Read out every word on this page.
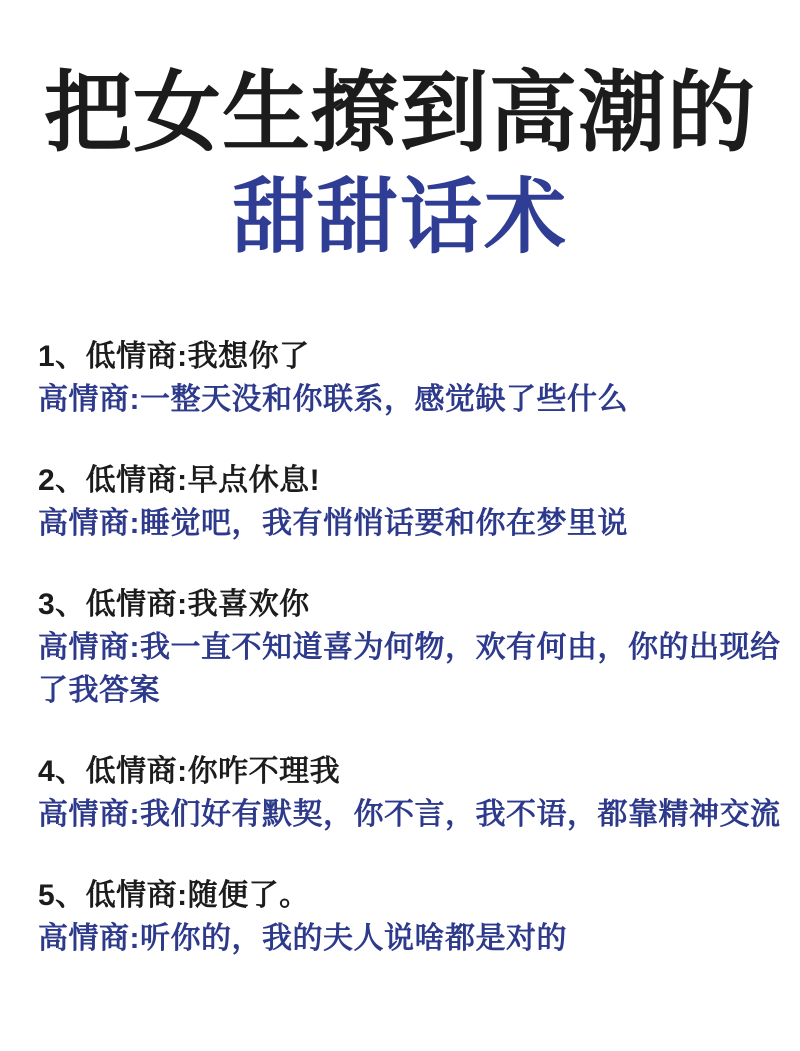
把女生撩到高潮的
甜甜话术
1、低情商:我想你了
高情商:一整天没和你联系，感觉缺了些什么
2、低情商:早点休息!
高情商:睡觉吧，我有悄悄话要和你在梦里说
3、低情商:我喜欢你
高情商:我一直不知道喜为何物，欢有何由，你的出现给了我答案
4、低情商:你咋不理我
高情商:我们好有默契，你不言，我不语，都靠精神交流
5、低情商:随便了。
高情商:听你的，我的夫人说啥都是对的
